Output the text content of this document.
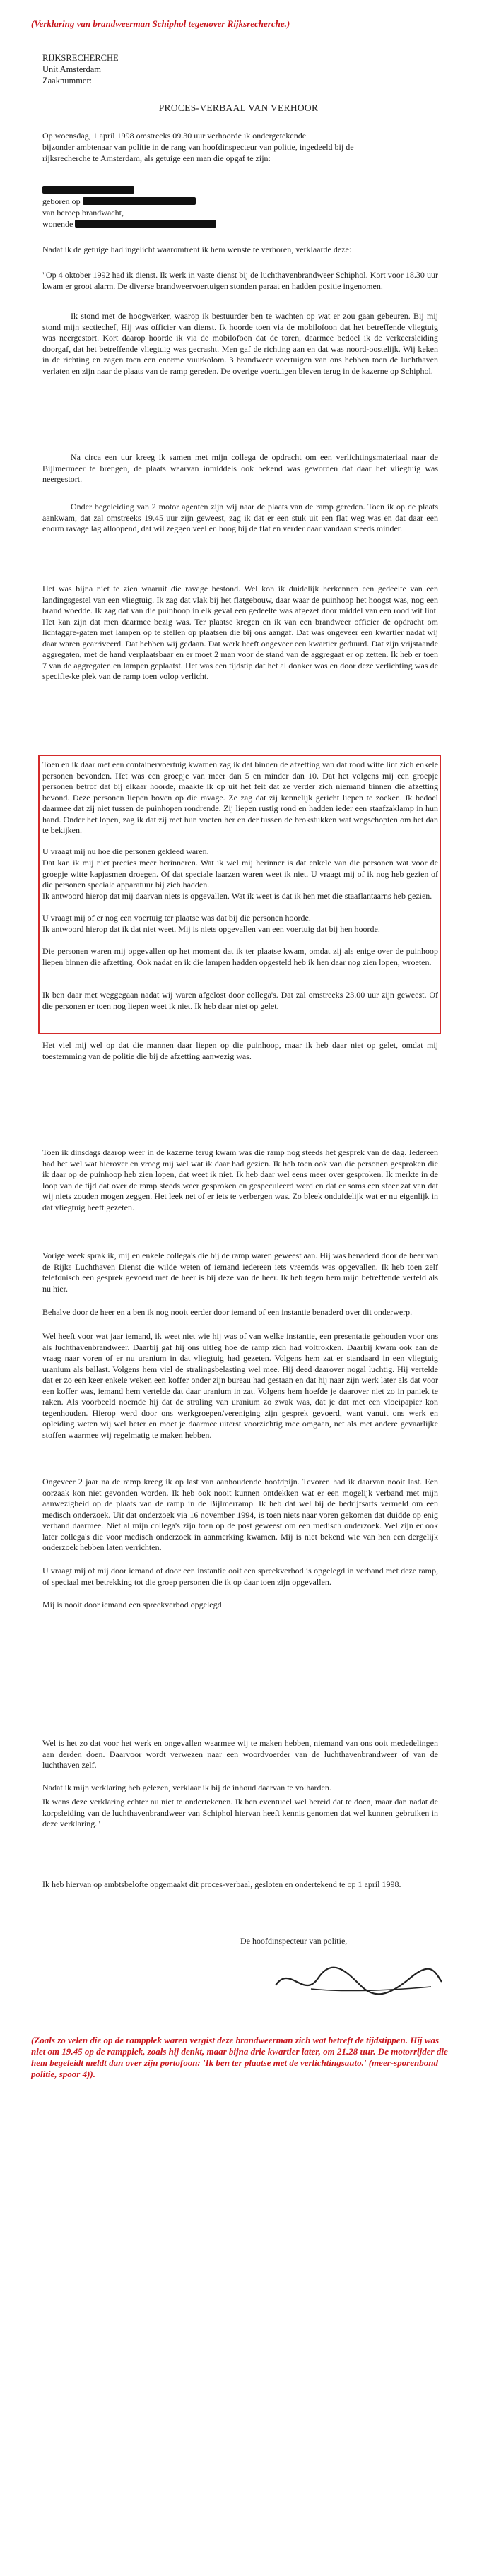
(Verklaring van brandweerman Schiphol tegenover Rijksrecherche.)
RIJKSRECHERCHE
Unit Amsterdam
Zaaknummer:
PROCES-VERBAAL VAN VERHOOR
Op woensdag, 1 april 1998 omstreeks 09.30 uur verhoorde ik ondergetekende
bijzonder ambtenaar van politie in de rang van hoofdinspecteur van politie, ingedeeld bij de
rijksrecherche te Amsterdam, als getuige een man die opgaf te zijn:
geboren op
van beroep brandwacht,
wonende
Nadat ik de getuige had ingelicht waaromtrent ik hem wenste te verhoren, verklaarde deze:
"Op 4 oktober 1992 had ik dienst. Ik werk in vaste dienst bij de luchthavenbrandweer Schiphol. Kort voor 18.30 uur kwam er groot alarm. De diverse brandweervoertuigen stonden paraat en hadden positie ingenomen.
Ik stond met de hoogwerker, waarop ik bestuurder ben te wachten op wat er zou gaan gebeuren. Bij mij stond mijn sectiechef, Hij was officier van dienst. Ik hoorde toen via de mobilofoon dat het betreffende vliegtuig was neergestort. Kort daarop hoorde ik via de mobilofoon dat de toren, daarmee bedoel ik de verkeersleiding doorgaf, dat het betreffende vliegtuig was gecrasht. Men gaf de richting aan en dat was noord-oostelijk. Wij keken in de richting en zagen toen een enorme vuurkolom. 3 brandweer voertuigen van ons hebben toen de luchthaven verlaten en zijn naar de plaats van de ramp gereden. De overige voertuigen bleven terug in de kazerne op Schiphol.
Na circa een uur kreeg ik samen met mijn collega de opdracht om een verlichtingsmateriaal naar de Bijlmermeer te brengen, de plaats waarvan inmiddels ook bekend was geworden dat daar het vliegtuig was neergestort.
Onder begeleiding van 2 motor agenten zijn wij naar de plaats van de ramp gereden. Toen ik op de plaats aankwam, dat zal omstreeks 19.45 uur zijn geweest, zag ik dat er een stuk uit een flat weg was en dat daar een enorm ravage lag alloopend, dat wil zeggen veel en hoog bij de flat en verder daar vandaan steeds minder.
Het was bijna niet te zien waaruit die ravage bestond. Wel kon ik duidelijk herkennen een gedeelte van een landingsgestel van een vliegtuig. Ik zag dat vlak bij het flatgebouw, daar waar de puinhoop het hoogst was, nog een brand woedde. Ik zag dat van die puinhoop in elk geval een gedeelte was afgezet door middel van een rood wit lint. Het kan zijn dat men daarmee bezig was. Ter plaatse kregen en ik van een brandweer officier de opdracht om lichtaggre-gaten met lampen op te stellen op plaatsen die bij ons aangaf. Dat was ongeveer een kwartier nadat wij daar waren gearriveerd. Dat hebben wij gedaan. Dat werk heeft ongeveer een kwartier geduurd. Dat zijn vrijstaande aggregaten, met de hand verplaatsbaar en er moet 2 man voor de stand van de aggregaat er op zetten. Ik heb er toen 7 van de aggregaten en lampen geplaatst. Het was een tijdstip dat het al donker was en door deze verlichting was de specifie-ke plek van de ramp toen volop verlicht.
Toen en ik daar met een containervoertuig kwamen zag ik dat binnen de afzetting van dat rood witte lint zich enkele personen bevonden. Het was een groepje van meer dan 5 en minder dan 10. Dat het volgens mij een groepje personen betrof dat bij elkaar hoorde, maakte ik op uit het feit dat ze verder zich niemand binnen die afzetting bevond. Deze personen liepen boven op die ravage. Ze zag dat zij kennelijk gericht liepen te zoeken. Ik bedoel daarmee dat zij niet tussen de puinhopen rondrende. Zij liepen rustig rond en hadden ieder een staafzaklamp in hun hand. Onder het lopen, zag ik dat zij met hun voeten her en der tussen de brokstukken wat wegschopten om het dan te bekijken.
U vraagt mij nu hoe die personen gekleed waren.
Dat kan ik mij niet precies meer herinneren. Wat ik wel mij herinner is dat enkele van die personen wat voor de groepje witte kapjasmen droegen. Of dat speciale laarzen waren weet ik niet. U vraagt mij of ik nog heb gezien of die personen speciale apparatuur bij zich hadden.
Ik antwoord hierop dat mij daarvan niets is opgevallen. Wat ik weet is dat ik hen met die staaflantaarns heb gezien.
U vraagt mij of er nog een voertuig ter plaatse was dat bij die personen hoorde.
Ik antwoord hierop dat ik dat niet weet. Mij is niets opgevallen van een voertuig dat bij hen hoorde.
Die personen waren mij opgevallen op het moment dat ik ter plaatse kwam, omdat zij als enige over de puinhoop liepen binnen die afzetting. Ook nadat en ik die lampen hadden opgesteld heb ik hen daar nog zien lopen, wroeten.
Ik ben daar met weggegaan nadat wij waren afgelost door collega's. Dat zal omstreeks 23.00 uur zijn geweest. Of die personen er toen nog liepen weet ik niet. Ik heb daar niet op gelet.
Het viel mij wel op dat die mannen daar liepen op die puinhoop, maar ik heb daar niet op gelet, omdat mij toestemming van de politie die bij de afzetting aanwezig was.
Toen ik dinsdags daarop weer in de kazerne terug kwam was die ramp nog steeds het gesprek van de dag. Iedereen had het wel wat hierover en vroeg mij wel wat ik daar had gezien. Ik heb toen ook van die personen gesproken die ik daar op de puinhoop heb zien lopen, dat weet ik niet. Ik heb daar wel eens meer over gesproken. Ik merkte in de loop van de tijd dat over de ramp steeds weer gesproken en gespeculeerd werd en dat er soms een sfeer zat van dat wij niets zouden mogen zeggen. Het leek net of er iets te verbergen was. Zo bleek onduidelijk wat er nu eigenlijk in dat vliegtuig heeft gezeten.
Vorige week sprak ik, mij en enkele collega's die bij de ramp waren geweest aan. Hij was benaderd door de heer van de Rijks Luchthaven Dienst die wilde weten of iemand iedereen iets vreemds was opgevallen. Ik heb toen zelf telefonisch een gesprek gevoerd met de heer is bij deze van de heer. Ik heb tegen hem mijn betreffende verteld als nu hier.
Behalve door de heer en a ben ik nog nooit eerder door iemand of een instantie benaderd over dit onderwerp.
Wel heeft voor wat jaar iemand, ik weet niet wie hij was of van welke instantie, een presentatie gehouden voor ons als luchthavenbrandweer. Daarbij gaf hij ons uitleg hoe de ramp zich had voltrokken. Daarbij kwam ook aan de vraag naar voren of er nu uranium in dat vliegtuig had gezeten. Volgens hem zat er standaard in een vliegtuig uranium als ballast. Volgens hem viel de stralingsbelasting wel mee. Hij deed daarover nogal luchtig. Hij vertelde dat er zo een keer enkele weken een koffer onder zijn bureau had gestaan en dat hij naar zijn werk later als dat voor een koffer was, iemand hem vertelde dat daar uranium in zat. Volgens hem hoefde je daarover niet zo in paniek te raken. Als voorbeeld noemde hij dat de straling van uranium zo zwak was, dat je dat met een vloeipapier kon tegenhouden. Hierop werd door ons werkgroepen/vereniging zijn gesprek gevoerd, want vanuit ons werk en opleiding weten wij wel beter en moet je daarmee uiterst voorzichtig mee omgaan, net als met andere gevaarlijke stoffen waarmee wij regelmatig te maken hebben.
Ongeveer 2 jaar na de ramp kreeg ik op last van aanhoudende hoofdpijn. Tevoren had ik daarvan nooit last. Een oorzaak kon niet gevonden worden. Ik heb ook nooit kunnen ontdekken wat er een mogelijk verband met mijn aanwezigheid op de plaats van de ramp in de Bijlmerramp. Ik heb dat wel bij de bedrijfsarts vermeld om een medisch onderzoek. Uit dat onderzoek via 16 november 1994, is toen niets naar voren gekomen dat duidde op enig verband daarmee. Niet al mijn collega's zijn toen op de post geweest om een medisch onderzoek. Wel zijn er ook later collega's die voor medisch onderzoek in aanmerking kwamen. Mij is niet bekend wie van hen een dergelijk onderzoek hebben laten verrichten.
U vraagt mij of mij door iemand of door een instantie ooit een spreekverbod is opgelegd in verband met deze ramp, of speciaal met betrekking tot die groep personen die ik op daar toen zijn opgevallen.
Mij is nooit door iemand een spreekverbod opgelegd
Wel is het zo dat voor het werk en ongevallen waarmee wij te maken hebben, niemand van ons ooit mededelingen aan derden doen. Daarvoor wordt verwezen naar een woordvoerder van de luchthavenbrandweer of van de luchthaven zelf.
Nadat ik mijn verklaring heb gelezen, verklaar ik bij de inhoud daarvan te volharden.
Ik wens deze verklaring echter nu niet te ondertekenen. Ik ben eventueel wel bereid dat te doen, maar dan nadat de korpsleiding van de luchthavenbrandweer van Schiphol hiervan heeft kennis genomen dat wel kunnen gebruiken in deze verklaring."
Ik heb hiervan op ambtsbelofte opgemaakt dit proces-verbaal, gesloten en ondertekend te op 1 april 1998.
De hoofdinspecteur van politie,
(Zoals zo velen die op de rampplek waren vergist deze brandweerman zich wat betreft de tijdstippen. Hij was niet om 19.45 op de rampplek, zoals hij denkt, maar bijna drie kwartier later, om 21.28 uur. De motorrijder die hem begeleidt meldt dan over zijn portofoon: 'Ik ben ter plaatse met de verlichtingsauto.' (meer-sporenbond politie, spoor 4)).
